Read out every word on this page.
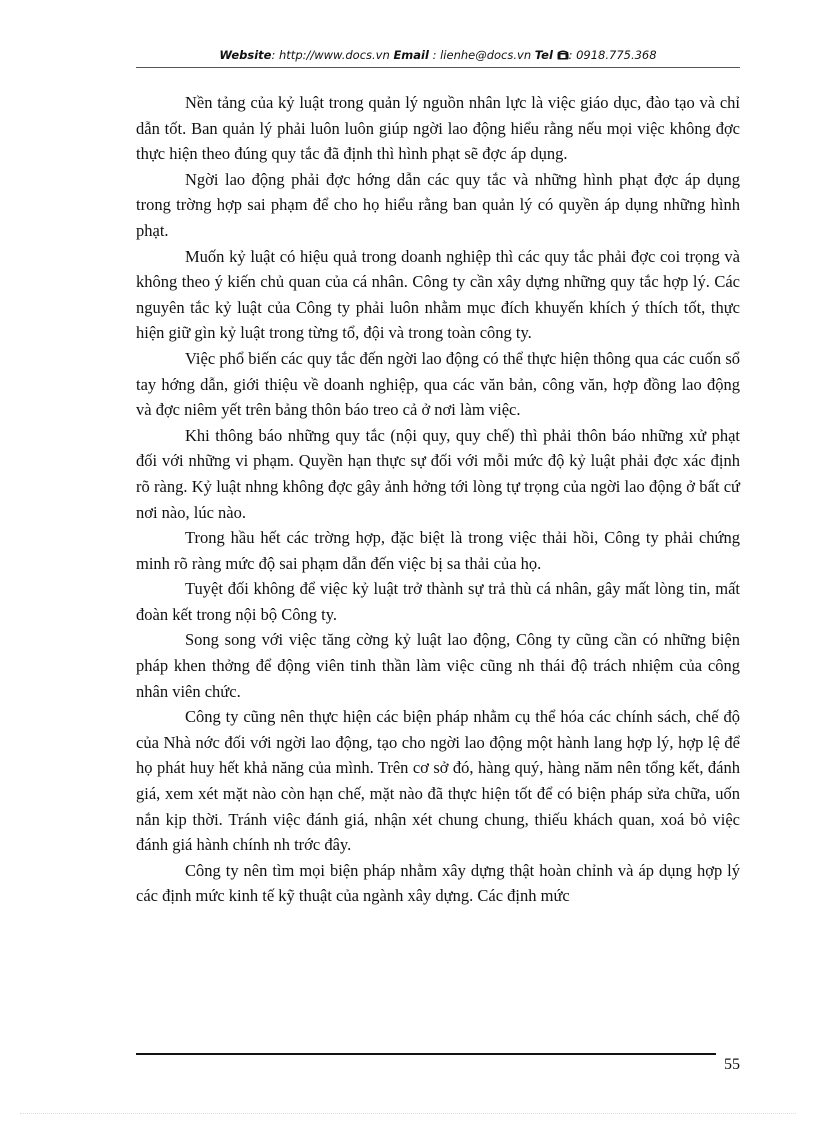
Website: http://www.docs.vn Email : lienhe@docs.vn Tel : 0918.775.368

Nền tảng của kỷ luật trong quản lý nguồn nhân lực là việc giáo dục, đào tạo và chỉ dẫn tốt. Ban quản lý phải luôn luôn giúp ngời lao động hiểu rằng nếu mọi việc không đợc thực hiện theo đúng quy tắc đã định thì hình phạt sẽ đợc áp dụng.

Ngời lao động phải đợc hớng dẫn các quy tắc và những hình phạt đợc áp dụng trong trờng hợp sai phạm để cho họ hiểu rằng ban quản lý có quyền áp dụng những hình phạt.

Muốn kỷ luật có hiệu quả trong doanh nghiệp thì các quy tắc phải đợc coi trọng và không theo ý kiến chủ quan của cá nhân. Công ty cần xây dựng những quy tắc hợp lý. Các nguyên tắc kỷ luật của Công ty phải luôn nhằm mục đích khuyến khích ý thích tốt, thực hiện giữ gìn kỷ luật trong từng tổ, đội và trong toàn công ty.

Việc phổ biến các quy tắc đến ngời lao động có thể thực hiện thông qua các cuốn sổ tay hớng dẫn, giới thiệu về doanh nghiệp, qua các văn bản, công văn, hợp đồng lao động và đợc niêm yết trên bảng thôn báo treo cả ở nơi làm việc.

Khi thông báo những quy tắc (nội quy, quy chế) thì phải thôn báo những xử phạt đối với những vi phạm. Quyền hạn thực sự đối với mỗi mức độ kỷ luật phải đợc xác định rõ ràng. Kỷ luật nhng không đợc gây ảnh hởng tới lòng tự trọng của ngời lao động ở bất cứ nơi nào, lúc nào.

Trong hầu hết các trờng hợp, đặc biệt là trong việc thải hồi, Công ty phải chứng minh rõ ràng mức độ sai phạm dẫn đến việc bị sa thải của họ.

Tuyệt đối không để việc kỷ luật trở thành sự trả thù cá nhân, gây mất lòng tin, mất đoàn kết trong nội bộ Công ty.

Song song với việc tăng cờng kỷ luật lao động, Công ty cũng cần có những biện pháp khen thởng để động viên tinh thần làm việc cũng nh thái độ trách nhiệm của công nhân viên chức.

Công ty cũng nên thực hiện các biện pháp nhằm cụ thể hóa các chính sách, chế độ của Nhà nớc đối với ngời lao động, tạo cho ngời lao động một hành lang hợp lý, hợp lệ để họ phát huy hết khả năng của mình. Trên cơ sở đó, hàng quý, hàng năm nên tổng kết, đánh giá, xem xét mặt nào còn hạn chế, mặt nào đã thực hiện tốt để có biện pháp sửa chữa, uốn nắn kịp thời. Tránh việc đánh giá, nhận xét chung chung, thiếu khách quan, xoá bỏ việc đánh giá hành chính nh trớc đây.

Công ty nên tìm mọi biện pháp nhằm xây dựng thật hoàn chỉnh và áp dụng hợp lý các định mức kinh tế kỹ thuật của ngành xây dựng. Các định mức

55
